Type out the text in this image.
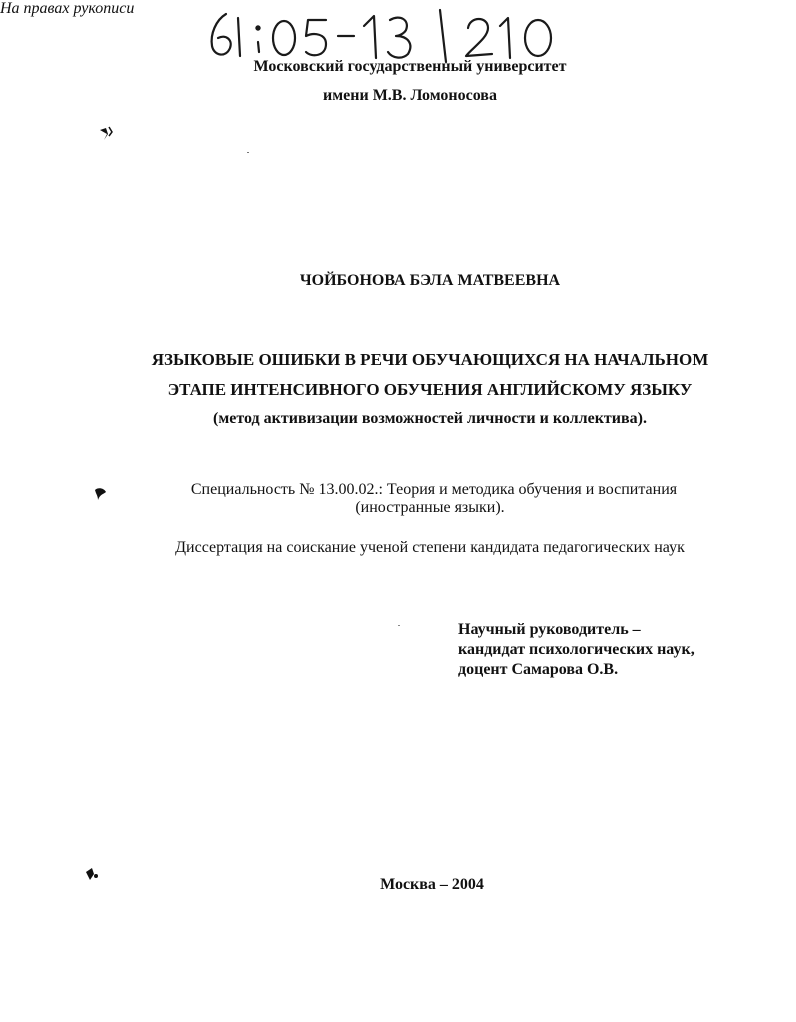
Московский государственный университет
имени М.В. Ломоносова
На правах рукописи
ЧОЙБОНОВА БЭЛА МАТВЕЕВНА
ЯЗЫКОВЫЕ ОШИБКИ В РЕЧИ ОБУЧАЮЩИХСЯ НА НАЧАЛЬНОМ
ЭТАПЕ ИНТЕНСИВНОГО ОБУЧЕНИЯ АНГЛИЙСКОМУ ЯЗЫКУ
(метод активизации возможностей личности и коллектива).
Специальность № 13.00.02.: Теория и методика обучения и воспитания
(иностранные языки).
Диссертация на соискание ученой степени кандидата педагогических наук
Научный руководитель –
кандидат психологических наук,
доцент Самарова О.В.
Москва – 2004
